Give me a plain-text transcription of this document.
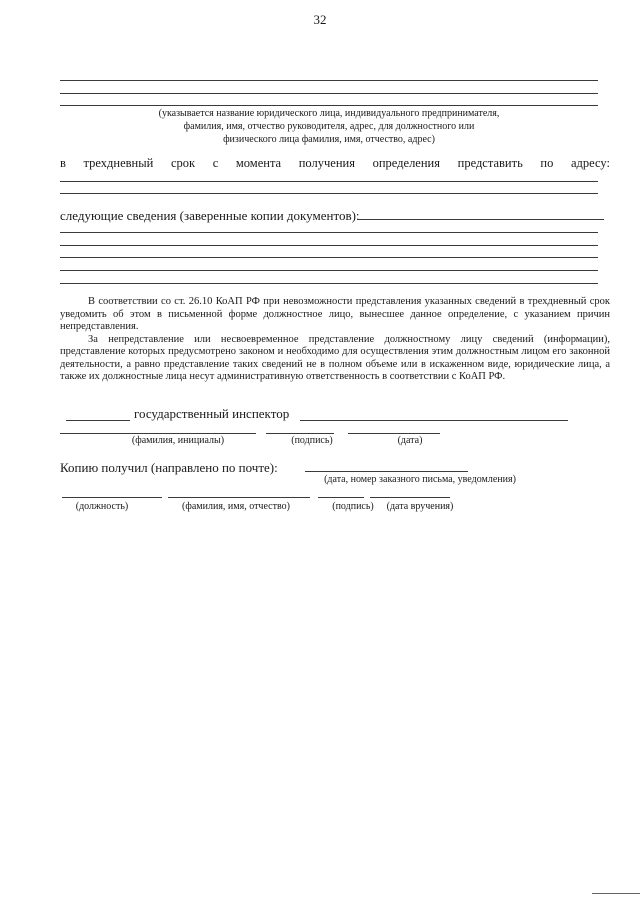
32
(указывается название юридического лица, индивидуального предпринимателя,
фамилия, имя, отчество руководителя, адрес, для должностного или
физического лица фамилия, имя, отчество, адрес)
в трехдневный срок с момента получения определения представить по адресу:
следующие сведения (заверенные копии документов):

В соответствии со ст. 26.10 КоАП РФ при невозможности представления указанных сведений в трехдневный срок уведомить об этом в письменной форме должностное лицо, вынесшее данное определение, с указанием причин непредставления.

За непредставление или несвоевременное представление должностному лицу сведений (информации), представление которых предусмотрено законом и необходимо для осуществления этим должностным лицом его законной деятельности, а равно представление таких сведений не в полном объеме или в искаженном виде, юридические лица, а также их должностные лица несут административную ответственность в соответствии с КоАП РФ.

государственный инспектор
(фамилия, инициалы)	(подпись)	(дата)
Копию получил (направлено по почте):
(дата, номер заказного письма, уведомления)
(должность)	(фамилия, имя, отчество)	(подпись)	(дата вручения)
